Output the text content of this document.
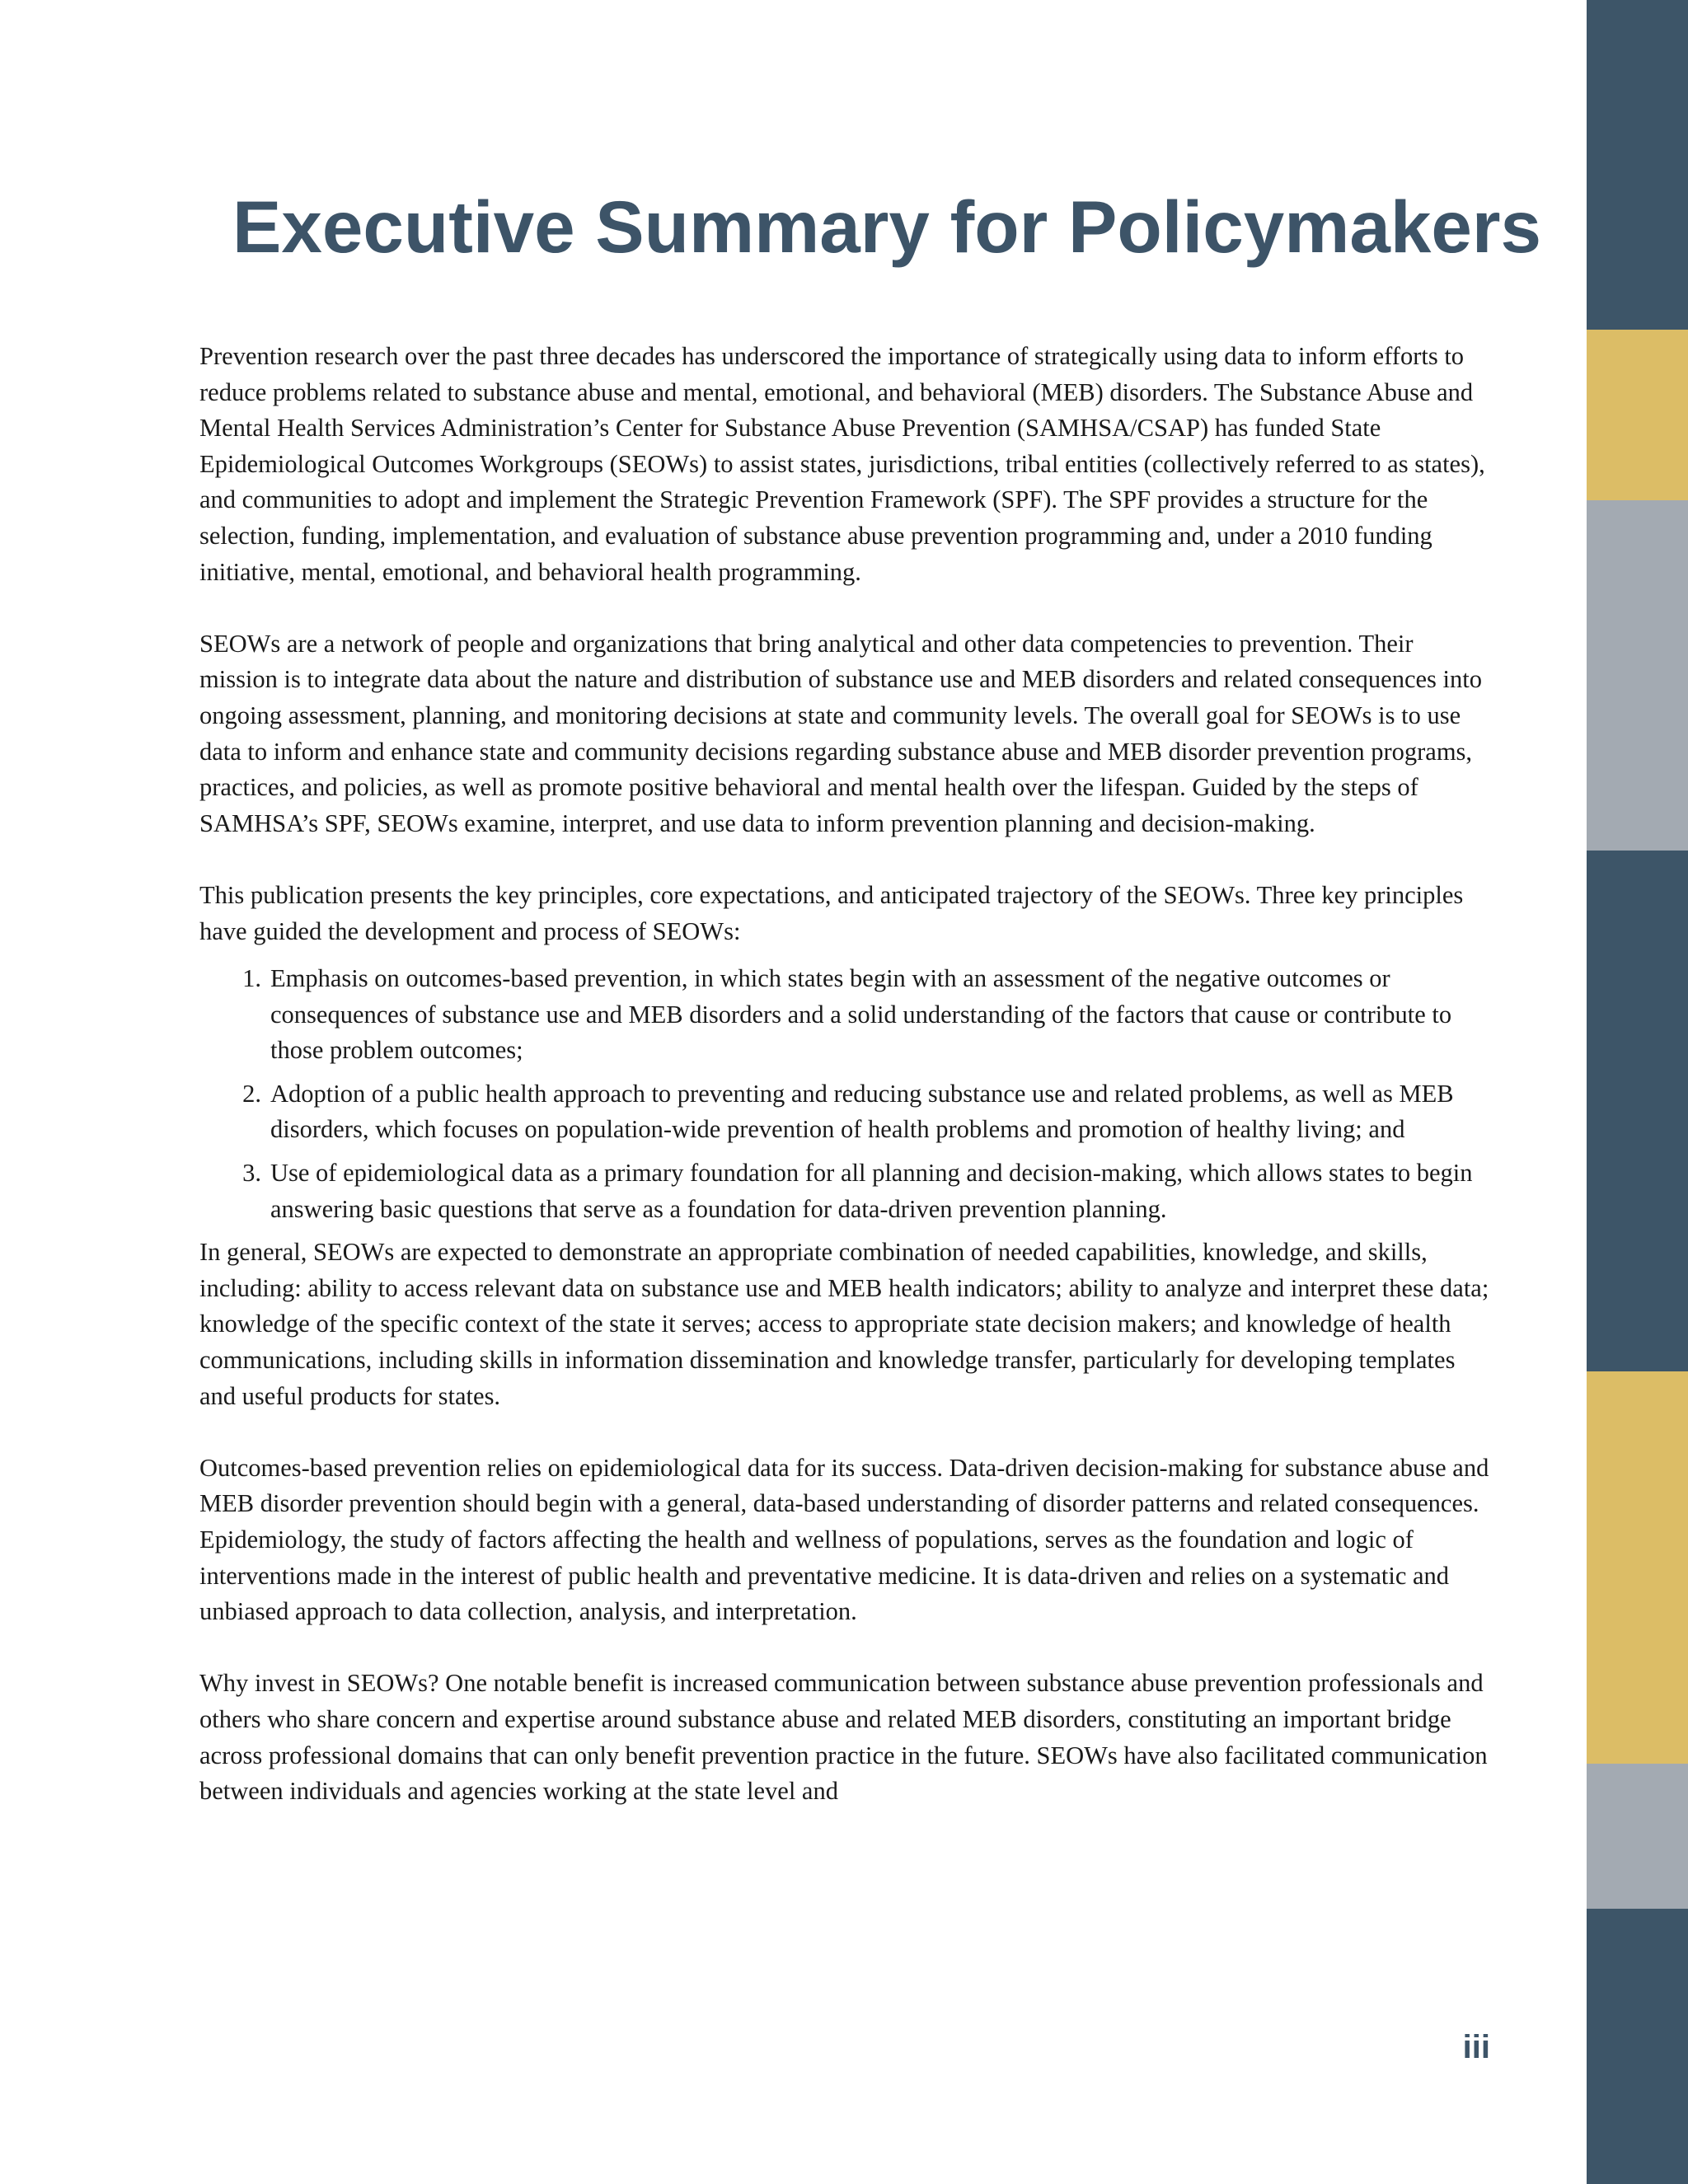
Executive Summary for Policymakers

Prevention research over the past three decades has underscored the importance of strategically using data to inform efforts to reduce problems related to substance abuse and mental, emotional, and behavioral (MEB) disorders. The Substance Abuse and Mental Health Services Administration’s Center for Substance Abuse Prevention (SAMHSA/CSAP) has funded State Epidemiological Outcomes Workgroups (SEOWs) to assist states, jurisdictions, tribal entities (collectively referred to as states), and communities to adopt and implement the Strategic Prevention Framework (SPF). The SPF provides a structure for the selection, funding, implementation, and evaluation of substance abuse prevention programming and, under a 2010 funding initiative, mental, emotional, and behavioral health programming.

SEOWs are a network of people and organizations that bring analytical and other data competencies to prevention. Their mission is to integrate data about the nature and distribution of substance use and MEB disorders and related consequences into ongoing assessment, planning, and monitoring decisions at state and community levels. The overall goal for SEOWs is to use data to inform and enhance state and community decisions regarding substance abuse and MEB disorder prevention programs, practices, and policies, as well as promote positive behavioral and mental health over the lifespan. Guided by the steps of SAMHSA’s SPF, SEOWs examine, interpret, and use data to inform prevention planning and decision-making.

This publication presents the key principles, core expectations, and anticipated trajectory of the SEOWs. Three key principles have guided the development and process of SEOWs:

1. Emphasis on outcomes-based prevention, in which states begin with an assessment of the negative outcomes or consequences of substance use and MEB disorders and a solid understanding of the factors that cause or contribute to those problem outcomes;
2. Adoption of a public health approach to preventing and reducing substance use and related problems, as well as MEB disorders, which focuses on population-wide prevention of health problems and promotion of healthy living; and
3. Use of epidemiological data as a primary foundation for all planning and decision-making, which allows states to begin answering basic questions that serve as a foundation for data-driven prevention planning.

In general, SEOWs are expected to demonstrate an appropriate combination of needed capabilities, knowledge, and skills, including: ability to access relevant data on substance use and MEB health indicators; ability to analyze and interpret these data; knowledge of the specific context of the state it serves; access to appropriate state decision makers; and knowledge of health communications, including skills in information dissemination and knowledge transfer, particularly for developing templates and useful products for states.

Outcomes-based prevention relies on epidemiological data for its success. Data-driven decision-making for substance abuse and MEB disorder prevention should begin with a general, data-based understanding of disorder patterns and related consequences. Epidemiology, the study of factors affecting the health and wellness of populations, serves as the foundation and logic of interventions made in the interest of public health and preventative medicine. It is data-driven and relies on a systematic and unbiased approach to data collection, analysis, and interpretation.

Why invest in SEOWs? One notable benefit is increased communication between substance abuse prevention professionals and others who share concern and expertise around substance abuse and related MEB disorders, constituting an important bridge across professional domains that can only benefit prevention practice in the future. SEOWs have also facilitated communication between individuals and agencies working at the state level and

iii
